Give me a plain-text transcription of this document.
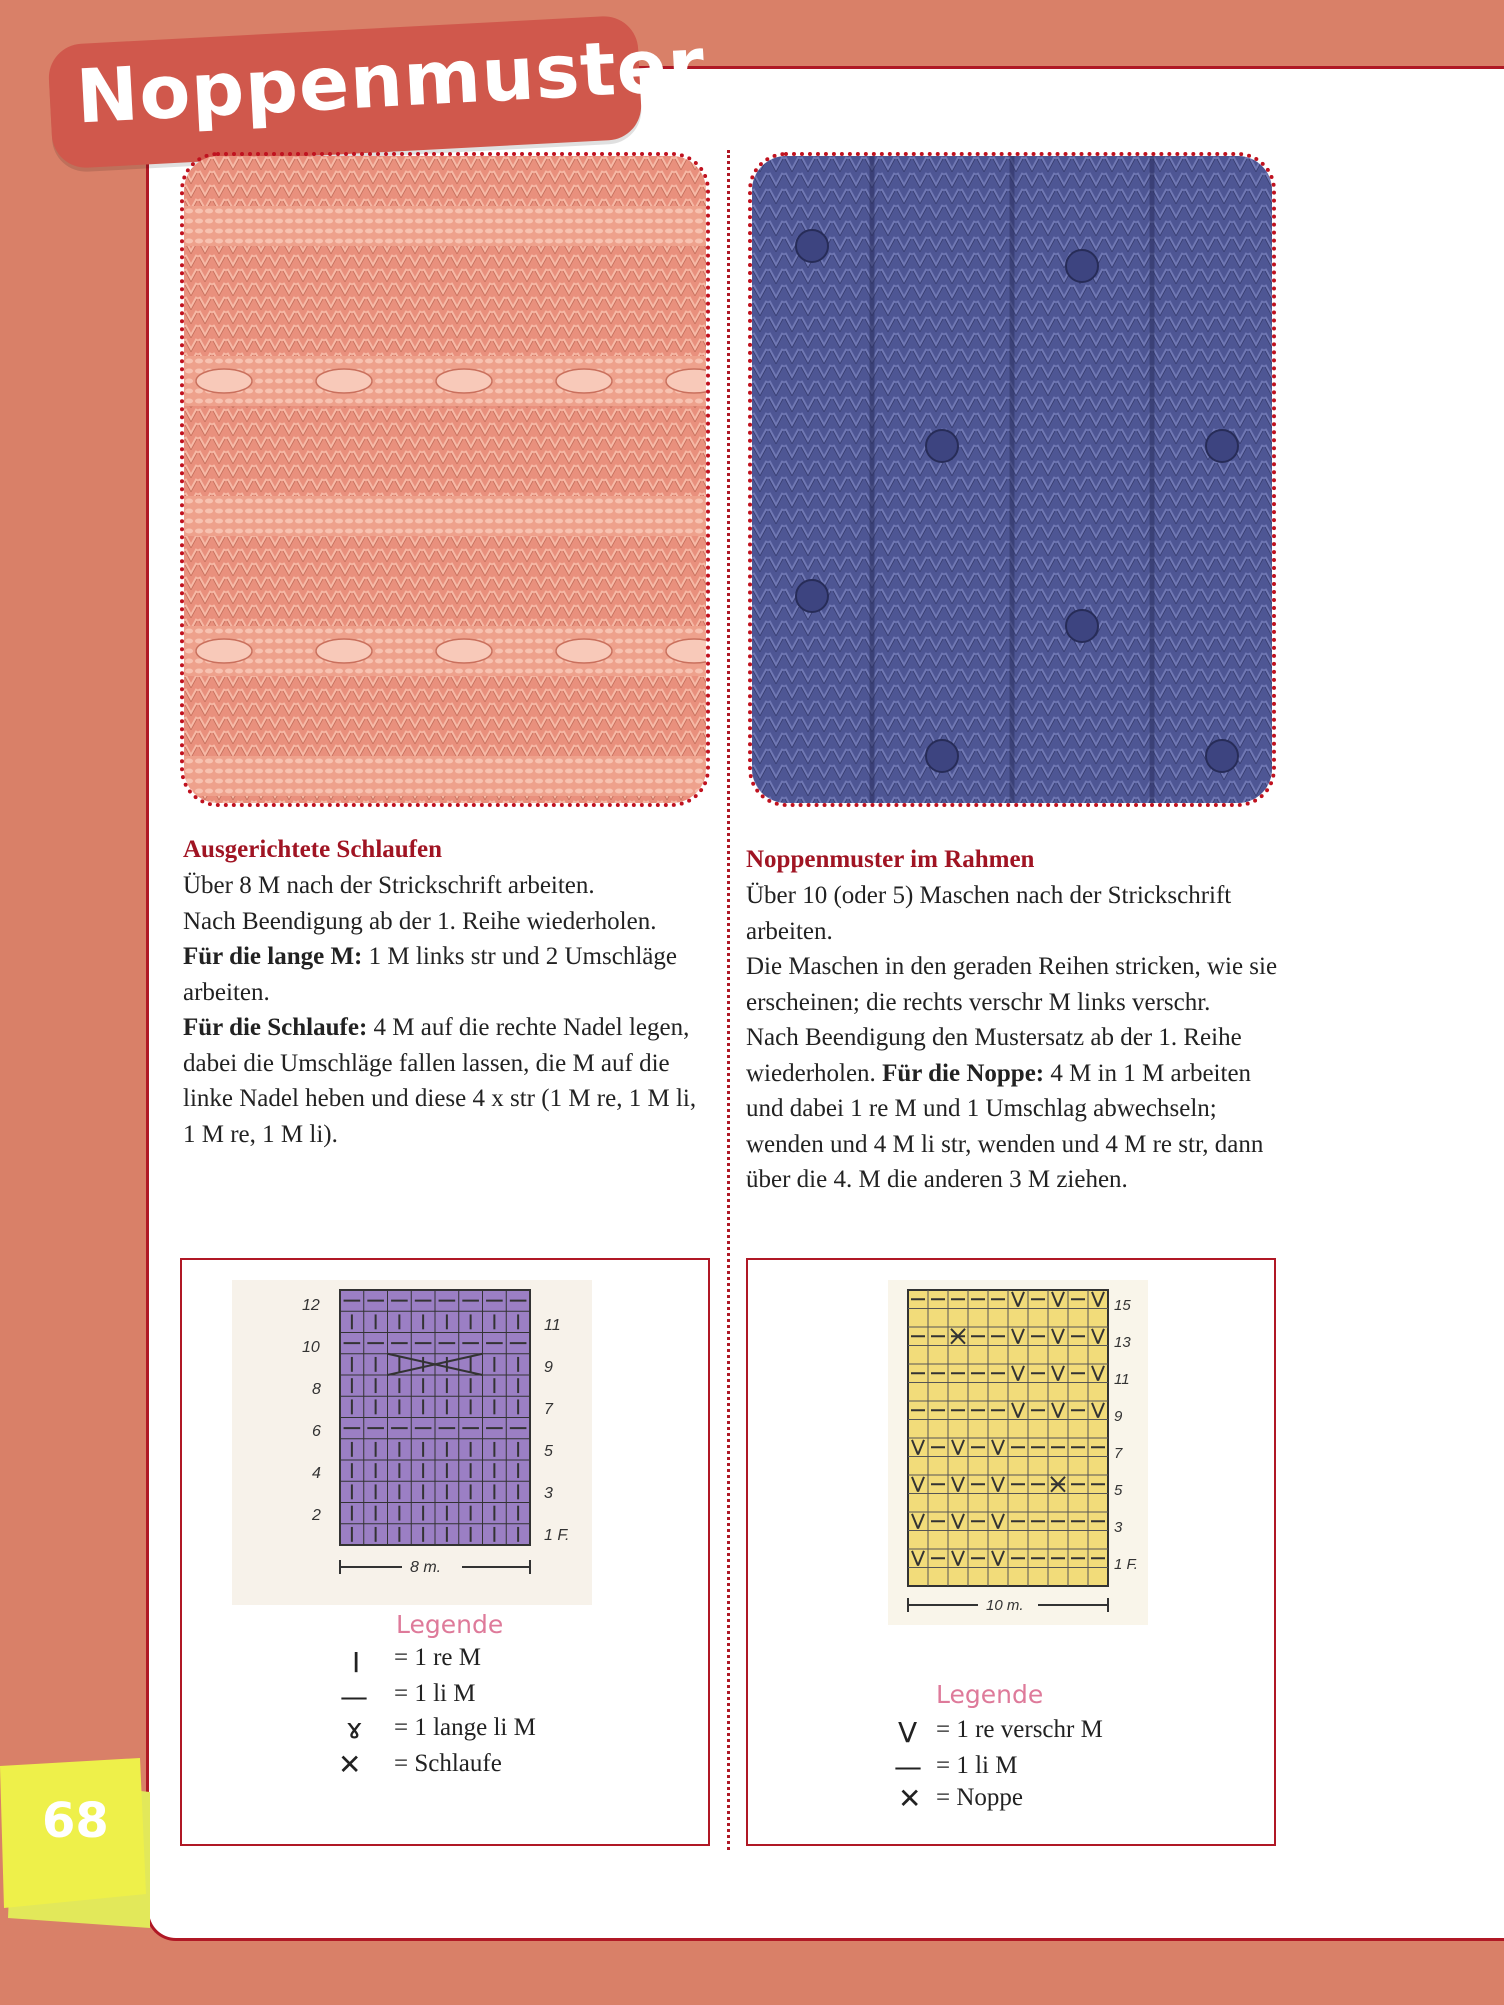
Noppenmuster
Ausgerichtete Schlaufen

Über 8 M nach der Strickschrift arbeiten.

Nach Beendigung ab der 1. Reihe wiederholen.

Für die lange M: 1 M links str und 2 Umschläge arbeiten.

Für die Schlaufe: 4 M auf die rechte Nadel legen, dabei die Umschläge fallen lassen, die M auf die linke Nadel heben und diese 4 x str (1 M re, 1 M li, 1 M re, 1 M li).

Noppenmuster im Rahmen

Über 10 (oder 5) Maschen nach der Strickschrift arbeiten.

Die Maschen in den geraden Reihen stricken, wie sie erscheinen; die rechts verschr M links verschr.

Nach Beendigung den Mustersatz ab der 1. Reihe wiederholen. Für die Noppe: 4 M in 1 M arbeiten und dabei 1 re M und 1 Umschlag abwechseln; wenden und 4 M li str, wenden und 4 M re str, dann über die 4. M die anderen 3 M ziehen.

12
10
8
6
4
2
11
9
7
5
3
1 F.
8 m.
Legende
I = 1 re M
— = 1 li M
ɤ = 1 lange li M
✕ = Schlaufe
15
13
11
9
7
5
3
1 F.
10 m.
Legende
V = 1 re verschr M
— = 1 li M
✕ = Noppe
68
